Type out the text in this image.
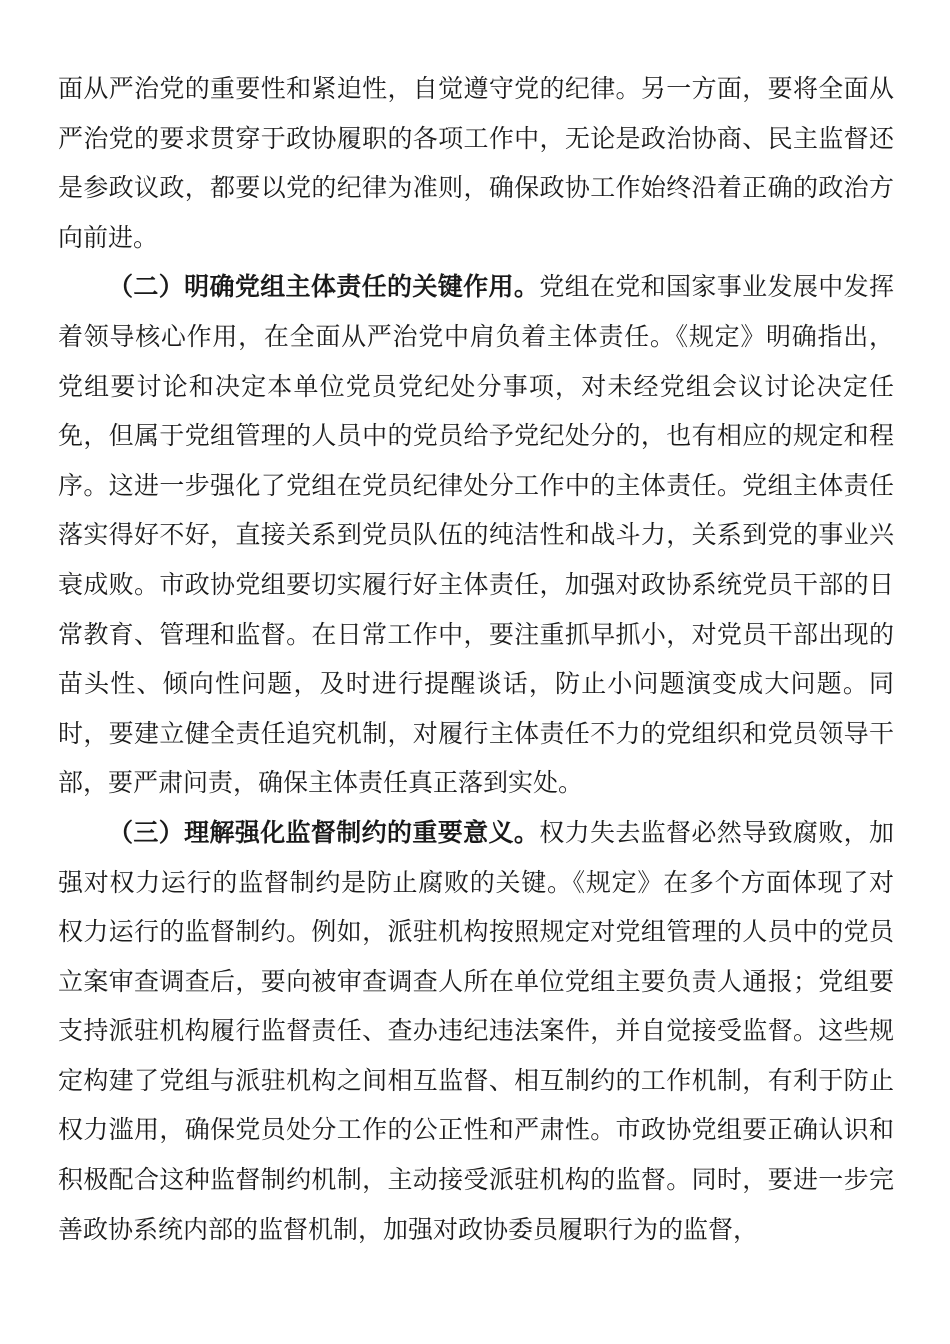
面从严治党的重要性和紧迫性，自觉遵守党的纪律。另一方面，要将全面从严治党的要求贯穿于政协履职的各项工作中，无论是政治协商、民主监督还是参政议政，都要以党的纪律为准则，确保政协工作始终沿着正确的政治方向前进。

（二）明确党组主体责任的关键作用。党组在党和国家事业发展中发挥着领导核心作用，在全面从严治党中肩负着主体责任。《规定》明确指出，党组要讨论和决定本单位党员党纪处分事项，对未经党组会议讨论决定任免，但属于党组管理的人员中的党员给予党纪处分的，也有相应的规定和程序。这进一步强化了党组在党员纪律处分工作中的主体责任。党组主体责任落实得好不好，直接关系到党员队伍的纯洁性和战斗力，关系到党的事业兴衰成败。市政协党组要切实履行好主体责任，加强对政协系统党员干部的日常教育、管理和监督。在日常工作中，要注重抓早抓小，对党员干部出现的苗头性、倾向性问题，及时进行提醒谈话，防止小问题演变成大问题。同时，要建立健全责任追究机制，对履行主体责任不力的党组织和党员领导干部，要严肃问责，确保主体责任真正落到实处。

（三）理解强化监督制约的重要意义。权力失去监督必然导致腐败，加强对权力运行的监督制约是防止腐败的关键。《规定》在多个方面体现了对权力运行的监督制约。例如，派驻机构按照规定对党组管理的人员中的党员立案审查调查后，要向被审查调查人所在单位党组主要负责人通报；党组要支持派驻机构履行监督责任、查办违纪违法案件，并自觉接受监督。这些规定构建了党组与派驻机构之间相互监督、相互制约的工作机制，有利于防止权力滥用，确保党员处分工作的公正性和严肃性。市政协党组要正确认识和积极配合这种监督制约机制，主动接受派驻机构的监督。同时，要进一步完善政协系统内部的监督机制，加强对政协委员履职行为的监督，
